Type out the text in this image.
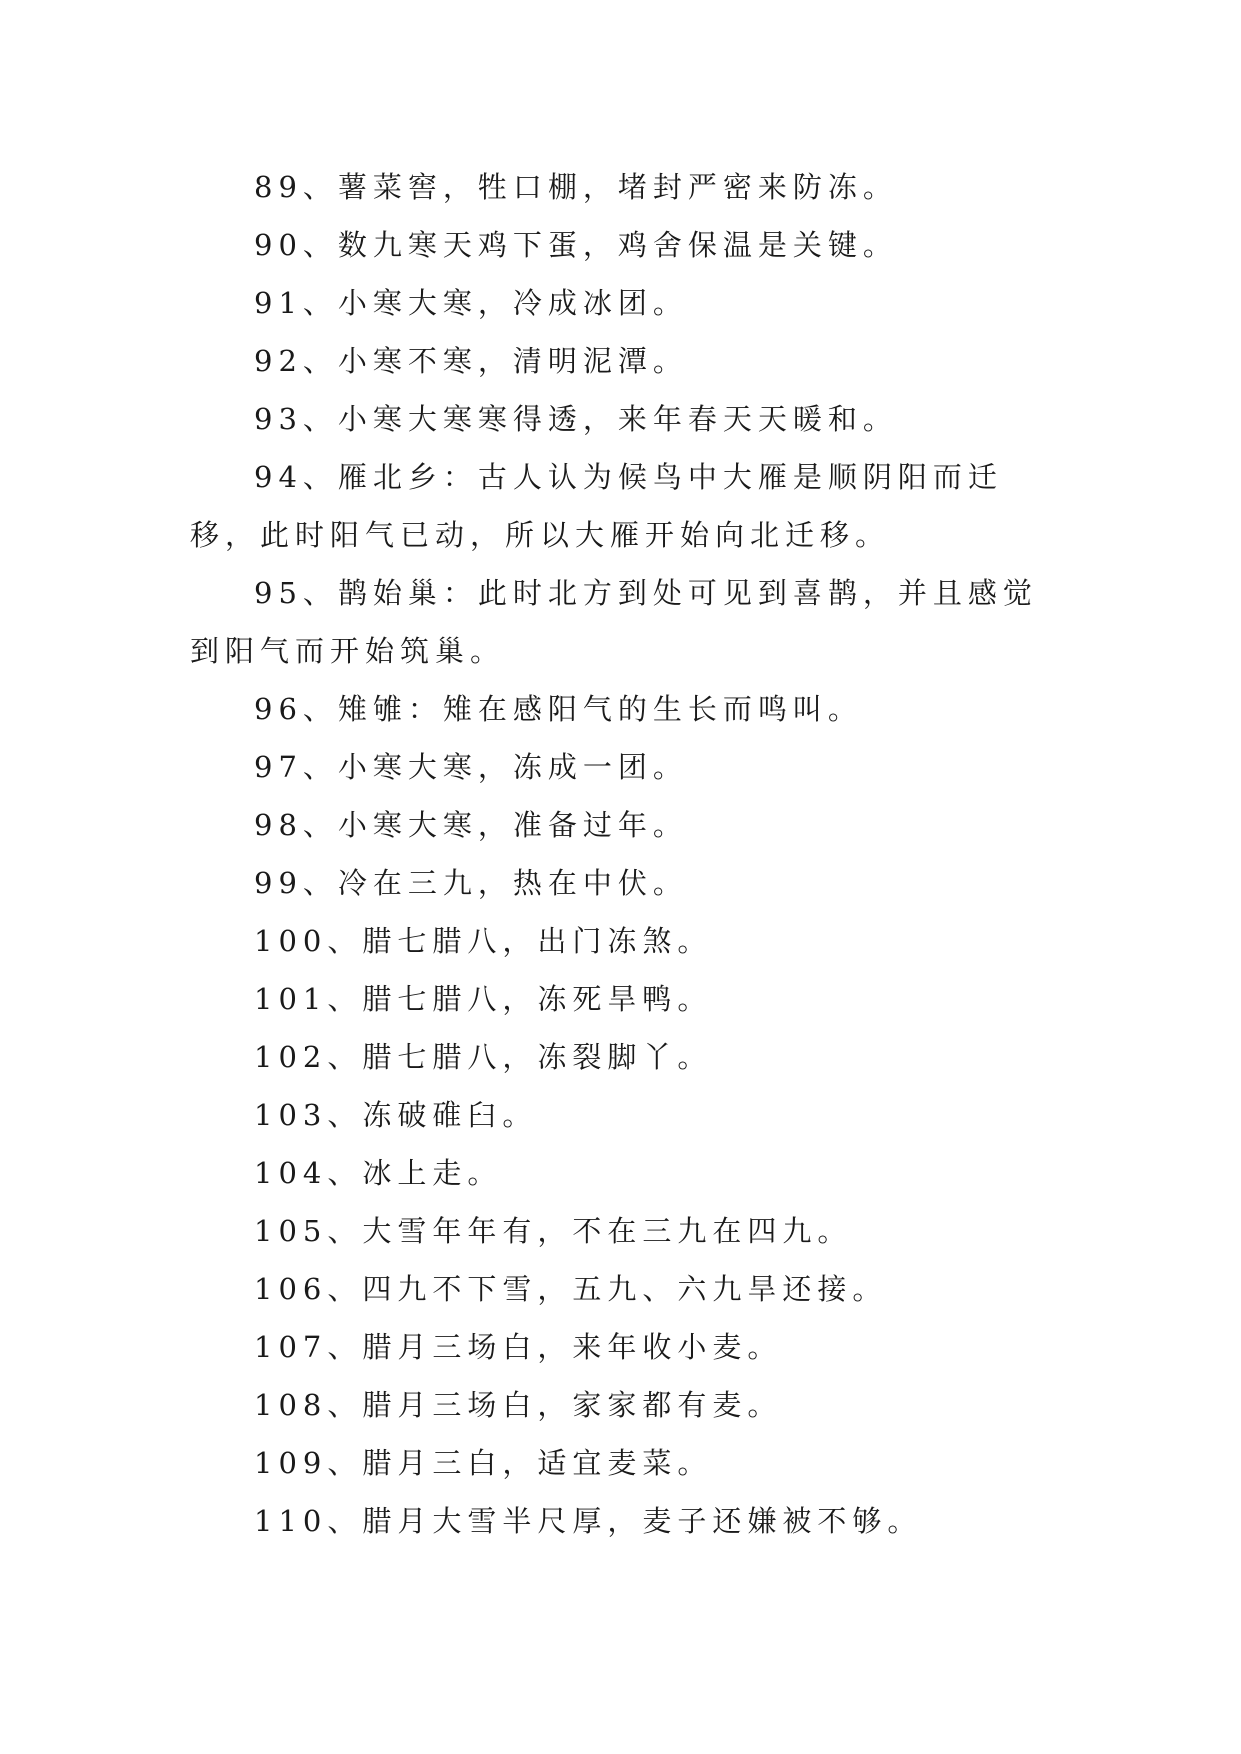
89、薯菜窖，牲口棚，堵封严密来防冻。

90、数九寒天鸡下蛋，鸡舍保温是关键。

91、小寒大寒，冷成冰团。

92、小寒不寒，清明泥潭。

93、小寒大寒寒得透，来年春天天暖和。

94、雁北乡：古人认为候鸟中大雁是顺阴阳而迁移，此时阳气已动，所以大雁开始向北迁移。

95、鹊始巢：此时北方到处可见到喜鹊，并且感觉到阳气而开始筑巢。

96、雉雊：雉在感阳气的生长而鸣叫。

97、小寒大寒，冻成一团。

98、小寒大寒，准备过年。

99、冷在三九，热在中伏。

100、腊七腊八，出门冻煞。

101、腊七腊八，冻死旱鸭。

102、腊七腊八，冻裂脚丫。

103、冻破碓臼。

104、冰上走。

105、大雪年年有，不在三九在四九。

106、四九不下雪，五九、六九旱还接。

107、腊月三场白，来年收小麦。

108、腊月三场白，家家都有麦。

109、腊月三白，适宜麦菜。

110、腊月大雪半尺厚，麦子还嫌被不够。
